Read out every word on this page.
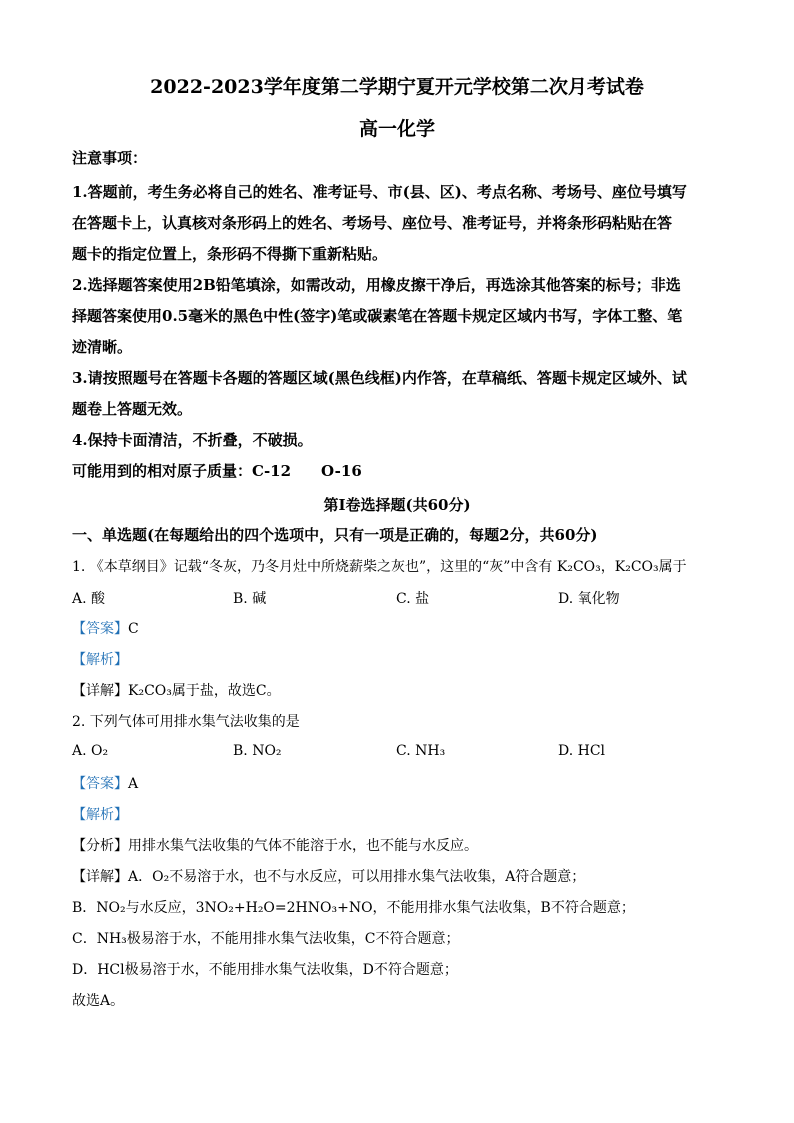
2022-2023学年度第二学期宁夏开元学校第二次月考试卷
高一化学
注意事项：
1.答题前，考生务必将自己的姓名、准考证号、市(县、区)、考点名称、考场号、座位号填写
在答题卡上，认真核对条形码上的姓名、考场号、座位号、准考证号，并将条形码粘贴在答
题卡的指定位置上，条形码不得撕下重新粘贴。
2.选择题答案使用2B铅笔填涂，如需改动，用橡皮擦干净后，再选涂其他答案的标号；非选
择题答案使用0.5毫米的黑色中性(签字)笔或碳素笔在答题卡规定区域内书写，字体工整、笔
迹清晰。
3.请按照题号在答题卡各题的答题区域(黑色线框)内作答，在草稿纸、答题卡规定区域外、试
题卷上答题无效。
4.保持卡面清洁，不折叠，不破损。
可能用到的相对原子质量：C-12　　O-16
第I卷选择题(共60分)
一、单选题(在每题给出的四个选项中，只有一项是正确的，每题2分，共60分)
1. 《本草纲目》记载“冬灰，乃冬月灶中所烧薪柴之灰也”，这里的“灰”中含有 K₂CO₃，K₂CO₃属于
A. 酸	B. 碱	C. 盐	D. 氧化物
【答案】C
【解析】
【详解】K₂CO₃属于盐，故选C。
2. 下列气体可用排水集气法收集的是
A. O₂	B. NO₂	C. NH₃	D. HCl
【答案】A
【解析】
【分析】用排水集气法收集的气体不能溶于水，也不能与水反应。
【详解】A．O₂不易溶于水，也不与水反应，可以用排水集气法收集，A符合题意；
B．NO₂与水反应，3NO₂+H₂O=2HNO₃+NO，不能用排水集气法收集，B不符合题意；
C．NH₃极易溶于水，不能用排水集气法收集，C不符合题意；
D．HCl极易溶于水，不能用排水集气法收集，D不符合题意；
故选A。
